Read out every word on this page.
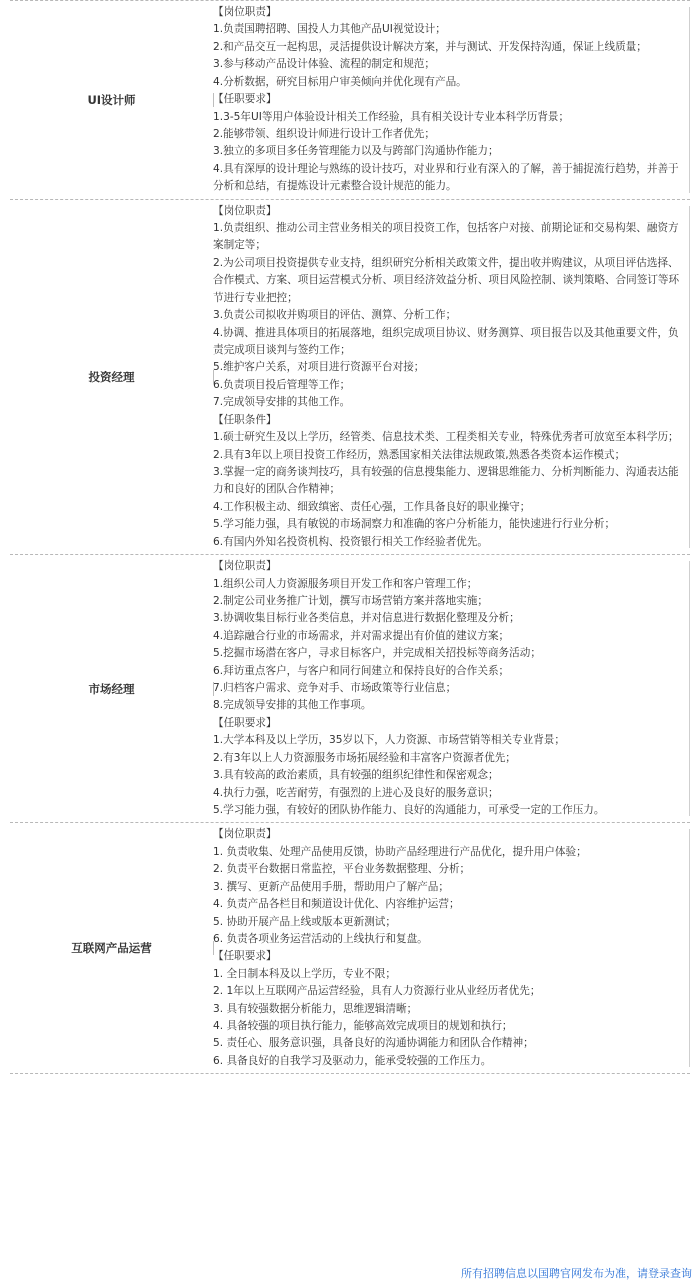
UI设计师

【岗位职责】

1.负责国聘招聘、国投人力其他产品UI视觉设计；

2.和产品交互一起构思，灵活提供设计解决方案，并与测试、开发保持沟通，保证上线质量；

3.参与移动产品设计体验、流程的制定和规范；

4.分析数据，研究目标用户审美倾向并优化现有产品。

【任职要求】

1.3-5年UI等用户体验设计相关工作经验，具有相关设计专业本科学历背景；

2.能够带领、组织设计师进行设计工作者优先；

3.独立的多项目多任务管理能力以及与跨部门沟通协作能力；

4.具有深厚的设计理论与熟练的设计技巧，对业界和行业有深入的了解，善于捕捉流行趋势，并善于分析和总结，有提炼设计元素整合设计规范的能力。

投资经理

【岗位职责】

1.负责组织、推动公司主营业务相关的项目投资工作，包括客户对接、前期论证和交易构架、融资方案制定等；

2.为公司项目投资提供专业支持，组织研究分析相关政策文件，提出收并购建议，从项目评估选择、合作模式、方案、项目运营模式分析、项目经济效益分析、项目风险控制、谈判策略、合同签订等环节进行专业把控；

3.负责公司拟收并购项目的评估、测算、分析工作；

4.协调、推进具体项目的拓展落地，组织完成项目协议、财务测算、项目报告以及其他重要文件，负责完成项目谈判与签约工作；

5.维护客户关系，对项目进行资源平台对接；

6.负责项目投后管理等工作；

7.完成领导安排的其他工作。

【任职条件】

1.硕士研究生及以上学历，经管类、信息技术类、工程类相关专业，特殊优秀者可放宽至本科学历；

2.具有3年以上项目投资工作经历，熟悉国家相关法律法规政策,熟悉各类资本运作模式；

3.掌握一定的商务谈判技巧，具有较强的信息搜集能力、逻辑思维能力、分析判断能力、沟通表达能力和良好的团队合作精神；

4.工作积极主动、细致缜密、责任心强，工作具备良好的职业操守；

5.学习能力强，具有敏锐的市场洞察力和准确的客户分析能力，能快速进行行业分析；

6.有国内外知名投资机构、投资银行相关工作经验者优先。

市场经理

【岗位职责】

1.组织公司人力资源服务项目开发工作和客户管理工作；

2.制定公司业务推广计划，撰写市场营销方案并落地实施；

3.协调收集目标行业各类信息，并对信息进行数据化整理及分析；

4.追踪融合行业的市场需求，并对需求提出有价值的建议方案；

5.挖掘市场潜在客户，寻求目标客户，并完成相关招投标等商务活动；

6.拜访重点客户，与客户和同行间建立和保持良好的合作关系；

7.归档客户需求、竞争对手、市场政策等行业信息；

8.完成领导安排的其他工作事项。

【任职要求】

1.大学本科及以上学历，35岁以下，人力资源、市场营销等相关专业背景；

2.有3年以上人力资源服务市场拓展经验和丰富客户资源者优先；

3.具有较高的政治素质，具有较强的组织纪律性和保密观念；

4.执行力强，吃苦耐劳，有强烈的上进心及良好的服务意识；

5.学习能力强，有较好的团队协作能力、良好的沟通能力，可承受一定的工作压力。

互联网产品运营

【岗位职责】

1. 负责收集、处理产品使用反馈，协助产品经理进行产品优化，提升用户体验；

2. 负责平台数据日常监控，平台业务数据整理、分析；

3. 撰写、更新产品使用手册，帮助用户了解产品；

4. 负责产品各栏目和频道设计优化、内容维护运营；

5. 协助开展产品上线或版本更新测试；

6. 负责各项业务运营活动的上线执行和复盘。

【任职要求】

1. 全日制本科及以上学历，专业不限；

2. 1年以上互联网产品运营经验，具有人力资源行业从业经历者优先；

3. 具有较强数据分析能力，思维逻辑清晰；

4. 具备较强的项目执行能力，能够高效完成项目的规划和执行；

5. 责任心、服务意识强，具备良好的沟通协调能力和团队合作精神；

6. 具备良好的自我学习及驱动力，能承受较强的工作压力。

所有招聘信息以国聘官网发布为准，请登录查询
